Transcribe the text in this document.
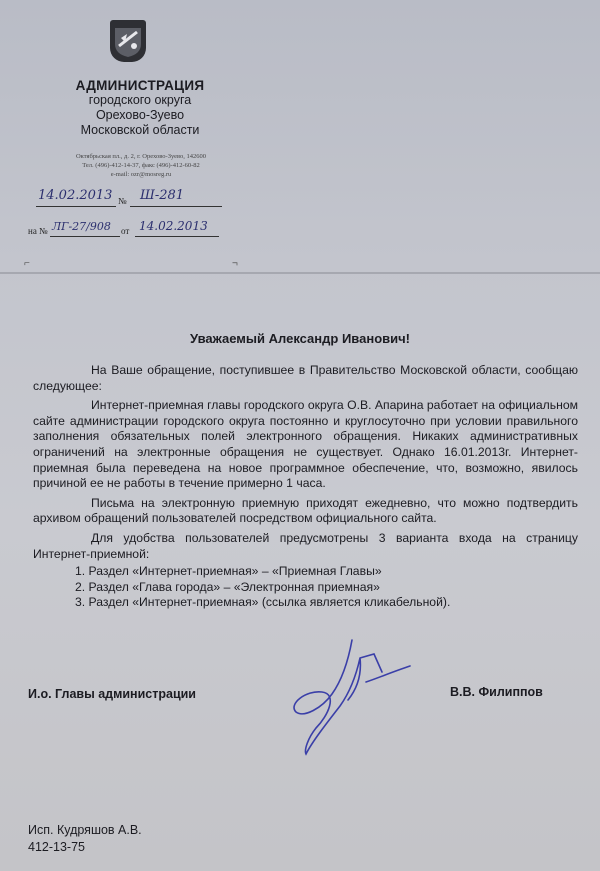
АДМИНИСТРАЦИЯ
городского округа
Орехово-Зуево
Московской области
Октябрьская пл., д. 2, г. Орехово-Зуево, 142600
Тел. (496)-412-14-37, факс (496)-412-60-82
e-mail: ozr@mosreg.ru
14.02.2013 № Ш-281
на № ЛГ-27/908 от 14.02.2013
⌐	¬
Уважаемый Александр Иванович!

На Ваше обращение, поступившее в Правительство Московской области, сообщаю следующее:

Интернет-приемная главы городского округа О.В. Апарина работает на официальном сайте администрации городского округа постоянно и круглосуточно при условии правильного заполнения обязательных полей электронного обращения. Никаких административных ограничений на электронные обращения не существует. Однако 16.01.2013г. Интернет-приемная была переведена на новое программное обеспечение, что, возможно, явилось причиной ее не работы в течение примерно 1 часа.

Письма на электронную приемную приходят ежедневно, что можно подтвердить архивом обращений пользователей посредством официального сайта.

Для удобства пользователей предусмотрены 3 варианта входа на страницу Интернет-приемной:

1. Раздел «Интернет-приемная» – «Приемная Главы»
2. Раздел «Глава города» – «Электронная приемная»
3. Раздел «Интернет-приемная» (ссылка является кликабельной).
И.о. Главы администрации	В.В. Филиппов
Исп. Кудряшов А.В.
412-13-75
